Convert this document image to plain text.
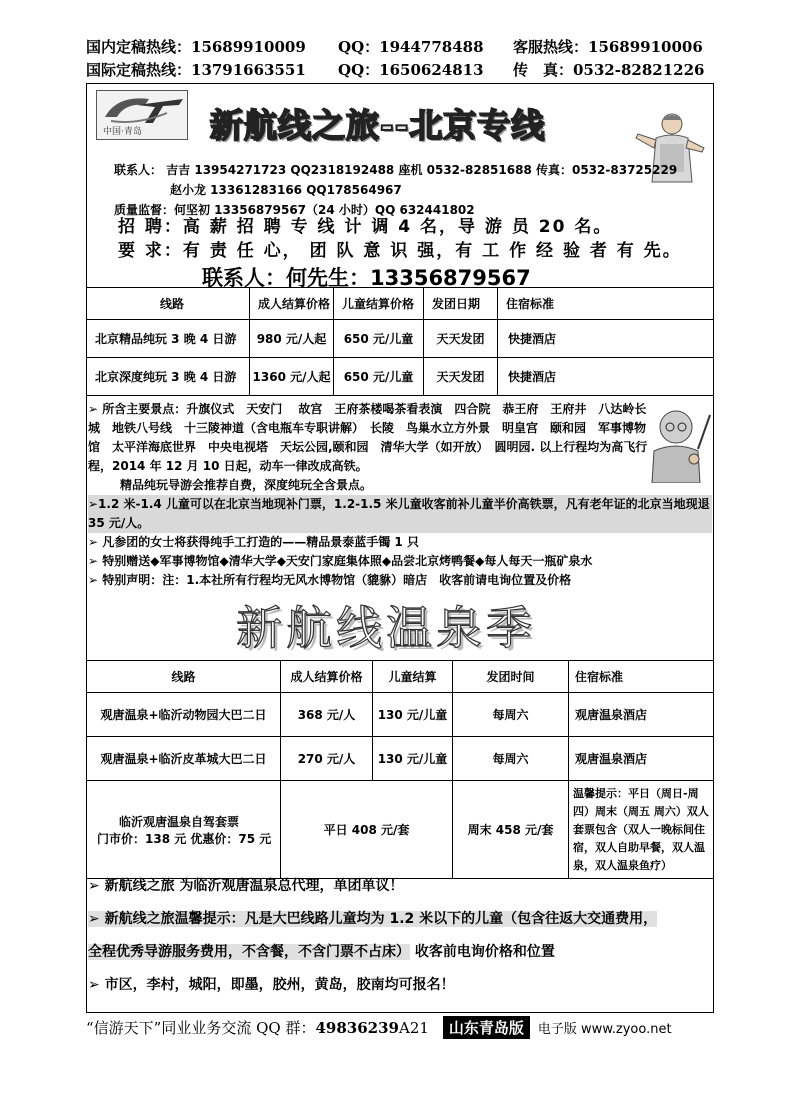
国内定稿热线：15689910009	QQ：1944778488	客服热线：15689910006
国际定稿热线：13791663551	QQ：1650624813	传　真：0532-82821226
中国·青岛 新航线之旅--北京专线
联系人： 吉吉 13954271723 QQ2318192488 座机 0532-82851688 传真：0532-83725229
赵小龙 13361283166 QQ178564967
质量监督：何坚初 13356879567（24 小时）QQ 632441802
招 聘：高 薪 招 聘 专 线 计 调 4 名，导 游 员 20 名。
要 求：有 责 任 心， 团 队 意 识 强，有 工 作 经 验 者 有 先。
联系人：何先生：13356879567
线路	成人结算价格	儿童结算价格	发团日期	住宿标准
北京精品纯玩 3 晚 4 日游	980 元/人起	650 元/儿童	天天发团	快捷酒店
北京深度纯玩 3 晚 4 日游	1360 元/人起	650 元/儿童	天天发团	快捷酒店
➢ 所含主要景点：升旗仪式　天安门　 故宫　王府茶楼喝茶看表演　四合院　恭王府　王府井　八达岭长城　地铁八号线　十三陵神道（含电瓶车专职讲解）　长陵　鸟巢水立方外景　明皇宫　颐和园　军事博物馆　太平洋海底世界　中央电视塔　天坛公园,颐和园　清华大学（如开放）　圆明园. 以上行程均为高飞行程，2014 年 12 月 10 日起，动车一律改成高铁。
精品纯玩导游会推荐自费，深度纯玩全含景点。
➢1.2 米-1.4 儿童可以在北京当地现补门票，1.2-1.5 米儿童收客前补儿童半价高铁票，凡有老年证的北京当地现退 35 元/人。
➢ 凡参团的女士将获得纯手工打造的——精品景泰蓝手镯 1 只
➢ 特别赠送◆军事博物馆◆清华大学◆天安门家庭集体照◆品尝北京烤鸭餐◆每人每天一瓶矿泉水
➢ 特别声明：注：1.本社所有行程均无风水博物馆（貔貅）暗店　收客前请电询位置及价格
新航线温泉季
线路	成人结算价格	儿童结算	发团时间	住宿标准
观唐温泉+临沂动物园大巴二日	368 元/人	130 元/儿童	每周六	观唐温泉酒店
观唐温泉+临沂皮革城大巴二日	270 元/人	130 元/儿童	每周六	观唐温泉酒店

临沂观唐温泉自驾套票
门市价：138 元 优惠价：75 元	平日 408 元/套		周末 458 元/套	温馨提示：平日（周日-周四）周末（周五 周六）双人套票包含（双人一晚标间住宿，双人自助早餐，双人温泉，双人温泉鱼疗）
➢ 新航线之旅 为临沂观唐温泉总代理，单团单议！
➢ 新航线之旅温馨提示：凡是大巴线路儿童均为 1.2 米以下的儿童（包含往返大交通费用，
全程优秀导游服务费用，不含餐，不含门票不占床） 收客前电询价格和位置
➢ 市区，李村，城阳，即墨，胶州，黄岛，胶南均可报名！
“信游天下”同业业务交流 QQ 群： 49836239 A21	山东青岛版	电子版 www.zyoo.net
